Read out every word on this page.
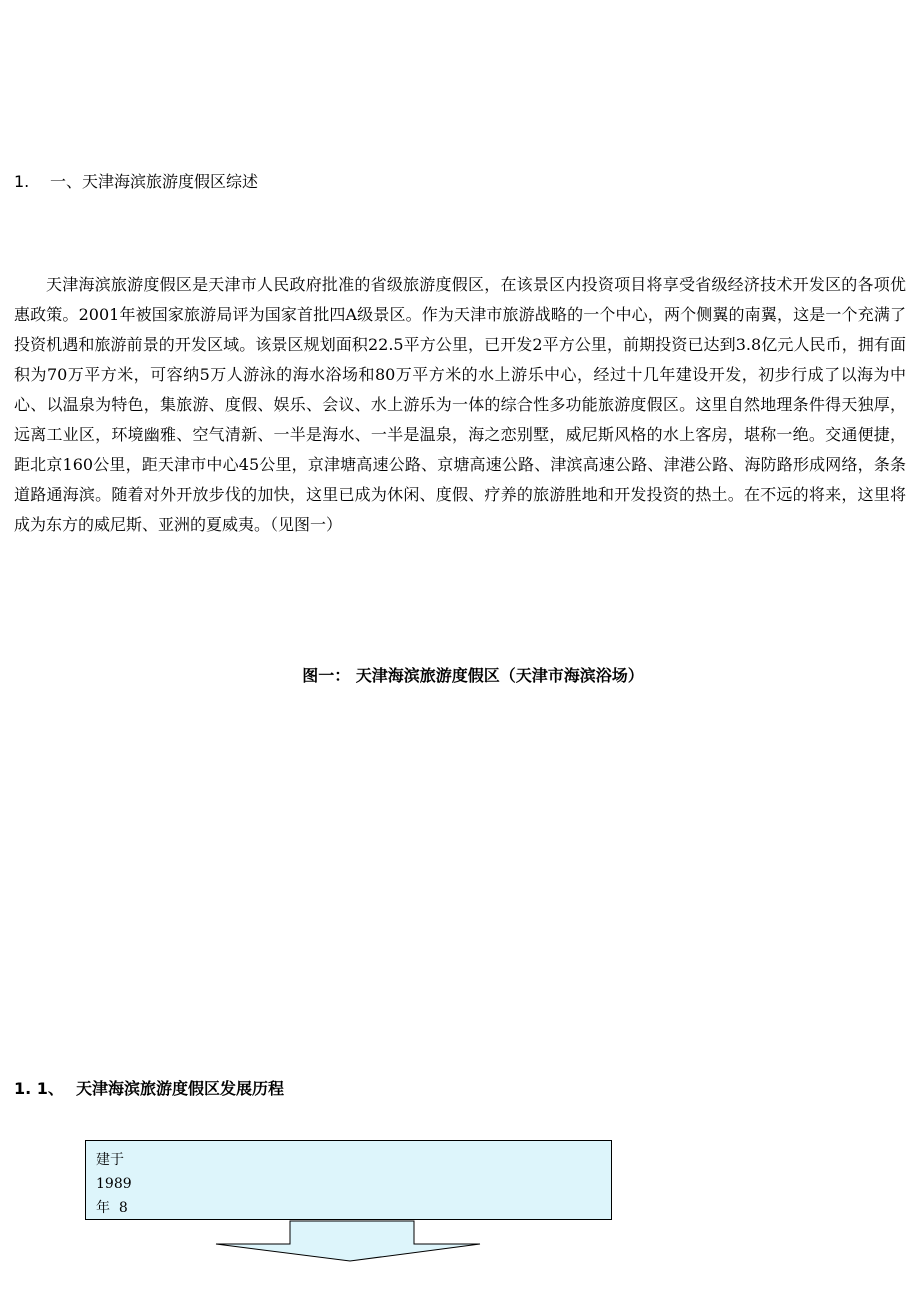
1. 一、天津海滨旅游度假区综述

天津海滨旅游度假区是天津市人民政府批准的省级旅游度假区，在该景区内投资项目将享受省级经济技术开发区的各项优惠政策。2001年被国家旅游局评为国家首批四A级景区。作为天津市旅游战略的一个中心，两个侧翼的南翼，这是一个充满了投资机遇和旅游前景的开发区域。该景区规划面积22.5平方公里，已开发2平方公里，前期投资已达到3.8亿元人民币，拥有面积为70万平方米，可容纳5万人游泳的海水浴场和80万平方米的水上游乐中心，经过十几年建设开发，初步行成了以海为中心、以温泉为特色，集旅游、度假、娱乐、会议、水上游乐为一体的综合性多功能旅游度假区。这里自然地理条件得天独厚，远离工业区，环境幽雅、空气清新、一半是海水、一半是温泉，海之恋别墅，威尼斯风格的水上客房，堪称一绝。交通便捷，距北京160公里，距天津市中心45公里，京津塘高速公路、京塘高速公路、津滨高速公路、津港公路、海防路形成网络，条条道路通海滨。随着对外开放步伐的加快，这里已成为休闲、度假、疗养的旅游胜地和开发投资的热土。在不远的将来，这里将成为东方的威尼斯、亚洲的夏威夷。（见图一）

图一： 天津海滨旅游度假区（天津市海滨浴场）
1. 1、 天津海滨旅游度假区发展历程
建于
1989
年  8
